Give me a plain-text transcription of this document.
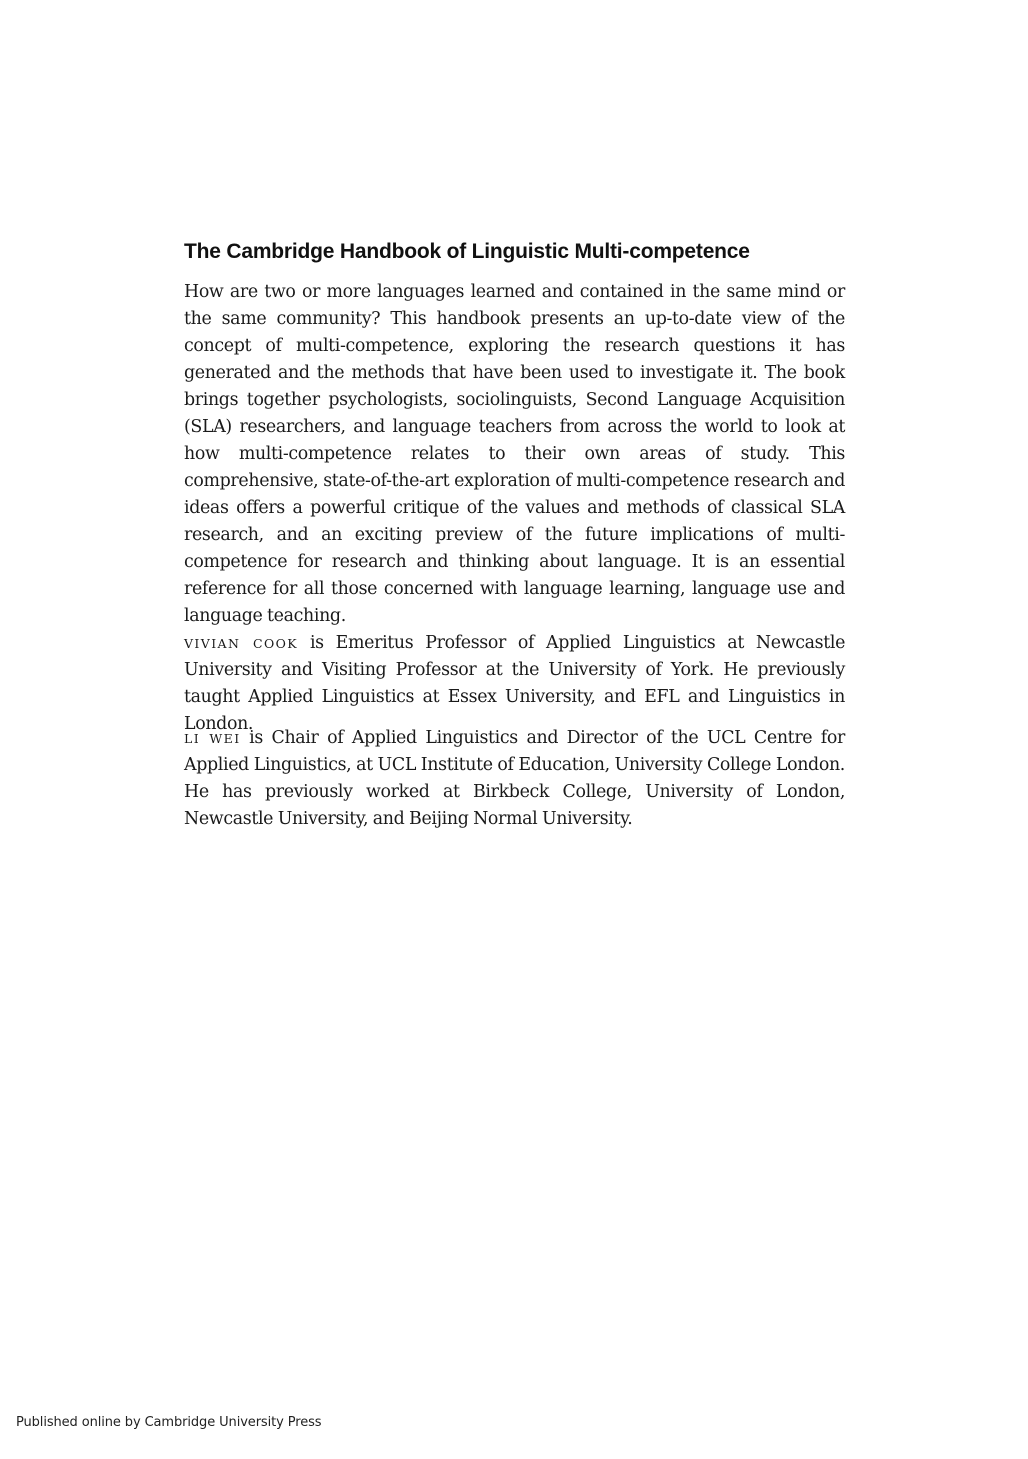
The Cambridge Handbook of Linguistic Multi-competence

How are two or more languages learned and contained in the same mind or the same community? This handbook presents an up-to-date view of the concept of multi-competence, exploring the research questions it has generated and the methods that have been used to investigate it. The book brings together psychologists, sociolinguists, Second Language Acquisition (SLA) researchers, and language teachers from across the world to look at how multi-competence relates to their own areas of study. This comprehensive, state-of-the-art exploration of multi-competence research and ideas offers a powerful critique of the values and methods of classical SLA research, and an exciting preview of the future implications of multi-competence for research and thinking about language. It is an essential reference for all those concerned with language learning, language use and language teaching.

VIVIAN COOK is Emeritus Professor of Applied Linguistics at Newcastle University and Visiting Professor at the University of York. He previously taught Applied Linguistics at Essex University, and EFL and Linguistics in London.

LI WEI is Chair of Applied Linguistics and Director of the UCL Centre for Applied Linguistics, at UCL Institute of Education, University College London. He has previously worked at Birkbeck College, University of London, Newcastle University, and Beijing Normal University.

Published online by Cambridge University Press
